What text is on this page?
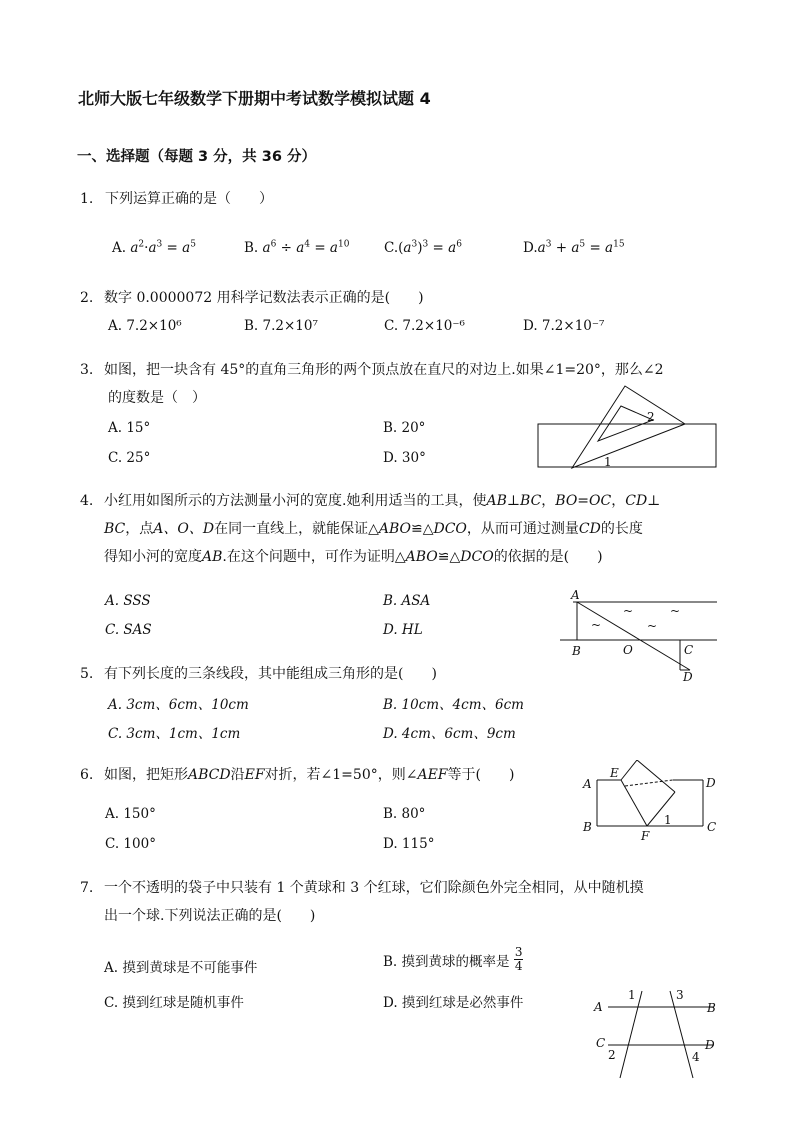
北师大版七年级数学下册期中考试数学模拟试题 4
一、选择题（每题 3 分，共 36 分）
1. 下列运算正确的是（　　）
A. $a^2\cdot a^3 = a^5$	B. $a^6 \div a^4 = a^{10}$	$C.(a^3)^3 = a^6$	$D.a^3 + a^5 = a^{15}$
2. 数字 0.0000072 用科学记数法表示正确的是(　　)
A. 7.2×10⁶	B. 7.2×10⁷	C. 7.2×10⁻⁶	D. 7.2×10⁻⁷
3. 如图，把一块含有 45°的直角三角形的两个顶点放在直尺的对边上.如果∠1=20°，那么∠2
的度数是（　）
A. 15°	B. 20°
C. 25°	D. 30°
2
1
4. 小红用如图所示的方法测量小河的宽度.她利用适当的工具，使AB⊥BC，BO=OC，CD⊥
BC，点A、O、D在同一直线上，就能保证△ABO≌△DCO，从而可通过测量CD的长度
得知小河的宽度AB.在这个问题中，可作为证明△ABO≌△DCO的依据的是(　　)
A. SSS	B. ASA
C. SAS	D. HL
A
B	O	C
D
~	~
~	~
5. 有下列长度的三条线段，其中能组成三角形的是(　　)
A. 3cm、6cm、10cm	B. 10cm、4cm、6cm
C. 3cm、1cm、1cm	D. 4cm、6cm、9cm
6. 如图，把矩形ABCD沿EF对折，若∠1=50°，则∠AEF等于(　　)
A. 150°	B. 80°
C. 100°	D. 115°
A
B	C
D
E
F
1
7. 一个不透明的袋子中只装有 1 个黄球和 3 个红球，它们除颜色外完全相同，从中随机摸
出一个球.下列说法正确的是(　　)
A. 摸到黄球是不可能事件	B. 摸到黄球的概率是 $\frac{3}{4}$
C. 摸到红球是随机事件	D. 摸到红球是必然事件	A	B
C	D
1
2
3
4
